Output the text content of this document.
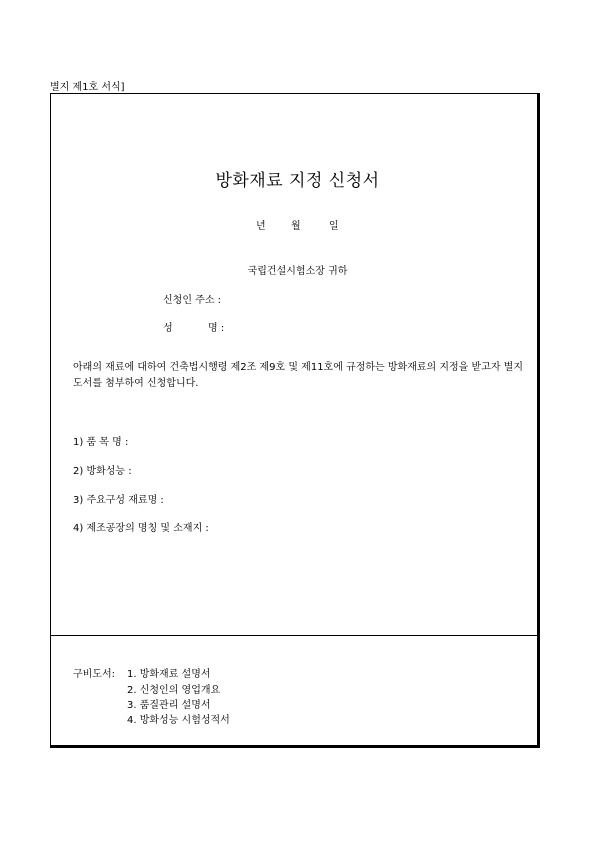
별지 제1호 서식]
방화재료 지정 신청서
년	월	일
국립건설시험소장 귀하
신청인 주소 :
성	명 :
아래의 재료에 대하여 건축법시행령 제2조 제9호 및 제11호에 규정하는 방화재료의 지정을 받고자 별지도서를 첨부하여 신청합니다.
1) 품 목 명 :
2) 방화성능 :
3) 주요구성 재료명 :
4) 제조공장의 명칭 및 소재지 :
구비도서: 1. 방화재료 설명서
2. 신청인의 영업개요
3. 품질관리 설명서
4. 방화성능 시험성적서
